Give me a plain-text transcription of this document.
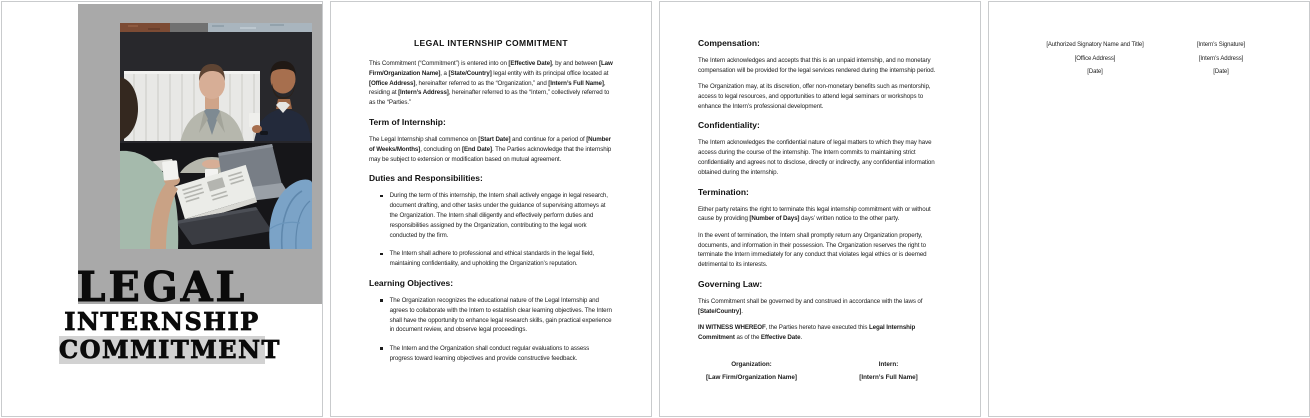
LEGAL
INTERNSHIP
COMMITMENT
LEGAL INTERNSHIP COMMITMENT

This Commitment (“Commitment”) is entered into on [Effective Date], by and between [Law Firm/Organization Name], a [State/Country] legal entity with its principal office located at [Office Address], hereinafter referred to as the “Organization,” and [Intern’s Full Name], residing at [Intern’s Address], hereinafter referred to as the “Intern,” collectively referred to as the “Parties.”

Term of Internship:

The Legal Internship shall commence on [Start Date] and continue for a period of [Number of Weeks/Months], concluding on [End Date]. The Parties acknowledge that the internship may be subject to extension or modification based on mutual agreement.

Duties and Responsibilities:
During the term of this internship, the Intern shall actively engage in legal research, document drafting, and other tasks under the guidance of supervising attorneys at the Organization. The Intern shall diligently and effectively perform duties and responsibilities assigned by the Organization, contributing to the legal work conducted by the firm.
The Intern shall adhere to professional and ethical standards in the legal field, maintaining confidentiality, and upholding the Organization’s reputation.
Learning Objectives:
The Organization recognizes the educational nature of the Legal Internship and agrees to collaborate with the Intern to establish clear learning objectives. The Intern shall have the opportunity to enhance legal research skills, gain practical experience in document review, and observe legal proceedings.
The Intern and the Organization shall conduct regular evaluations to assess progress toward learning objectives and provide constructive feedback.
Compensation:

The Intern acknowledges and accepts that this is an unpaid internship, and no monetary compensation will be provided for the legal services rendered during the internship period.

The Organization may, at its discretion, offer non-monetary benefits such as mentorship, access to legal resources, and opportunities to attend legal seminars or workshops to enhance the Intern’s professional development.

Confidentiality:

The Intern acknowledges the confidential nature of legal matters to which they may have access during the course of the internship. The Intern commits to maintaining strict confidentiality and agrees not to disclose, directly or indirectly, any confidential information obtained during the internship.

Termination:

Either party retains the right to terminate this legal internship commitment with or without cause by providing [Number of Days] days’ written notice to the other party.

In the event of termination, the Intern shall promptly return any Organization property, documents, and information in their possession. The Organization reserves the right to terminate the Intern immediately for any conduct that violates legal ethics or is deemed detrimental to its interests.

Governing Law:

This Commitment shall be governed by and construed in accordance with the laws of [State/Country].

IN WITNESS WHEREOF, the Parties hereto have executed this Legal Internship Commitment as of the Effective Date.

Organization:
[Law Firm/Organization Name]
Intern:
[Intern’s Full Name]
[Authorized Signatory Name and Title]
[Office Address]
[Date]
[Intern’s Signature]
[Intern’s Address]
[Date]
